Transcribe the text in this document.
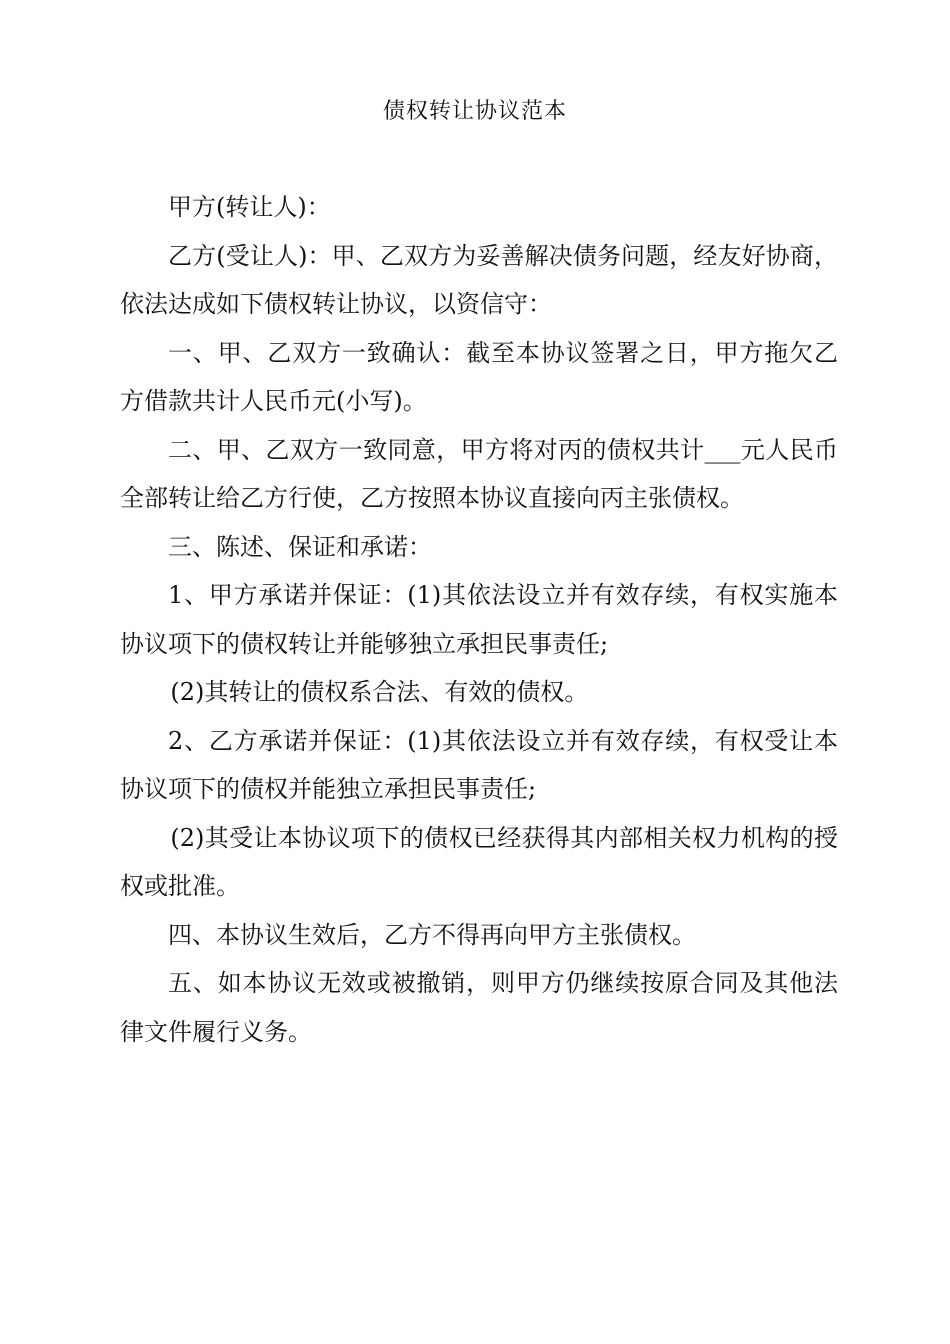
债权转让协议范本

甲方(转让人)：

乙方(受让人)：甲、乙双方为妥善解决债务问题，经友好协商，依法达成如下债权转让协议，以资信守：

一、甲、乙双方一致确认：截至本协议签署之日，甲方拖欠乙方借款共计人民币元(小写)。

二、甲、乙双方一致同意，甲方将对丙的债权共计___元人民币全部转让给乙方行使，乙方按照本协议直接向丙主张债权。

三、陈述、保证和承诺：

1、甲方承诺并保证：(1)其依法设立并有效存续，有权实施本协议项下的债权转让并能够独立承担民事责任;

(2)其转让的债权系合法、有效的债权。

2、乙方承诺并保证：(1)其依法设立并有效存续，有权受让本协议项下的债权并能独立承担民事责任;

(2)其受让本协议项下的债权已经获得其内部相关权力机构的授权或批准。

四、本协议生效后，乙方不得再向甲方主张债权。

五、如本协议无效或被撤销，则甲方仍继续按原合同及其他法律文件履行义务。
